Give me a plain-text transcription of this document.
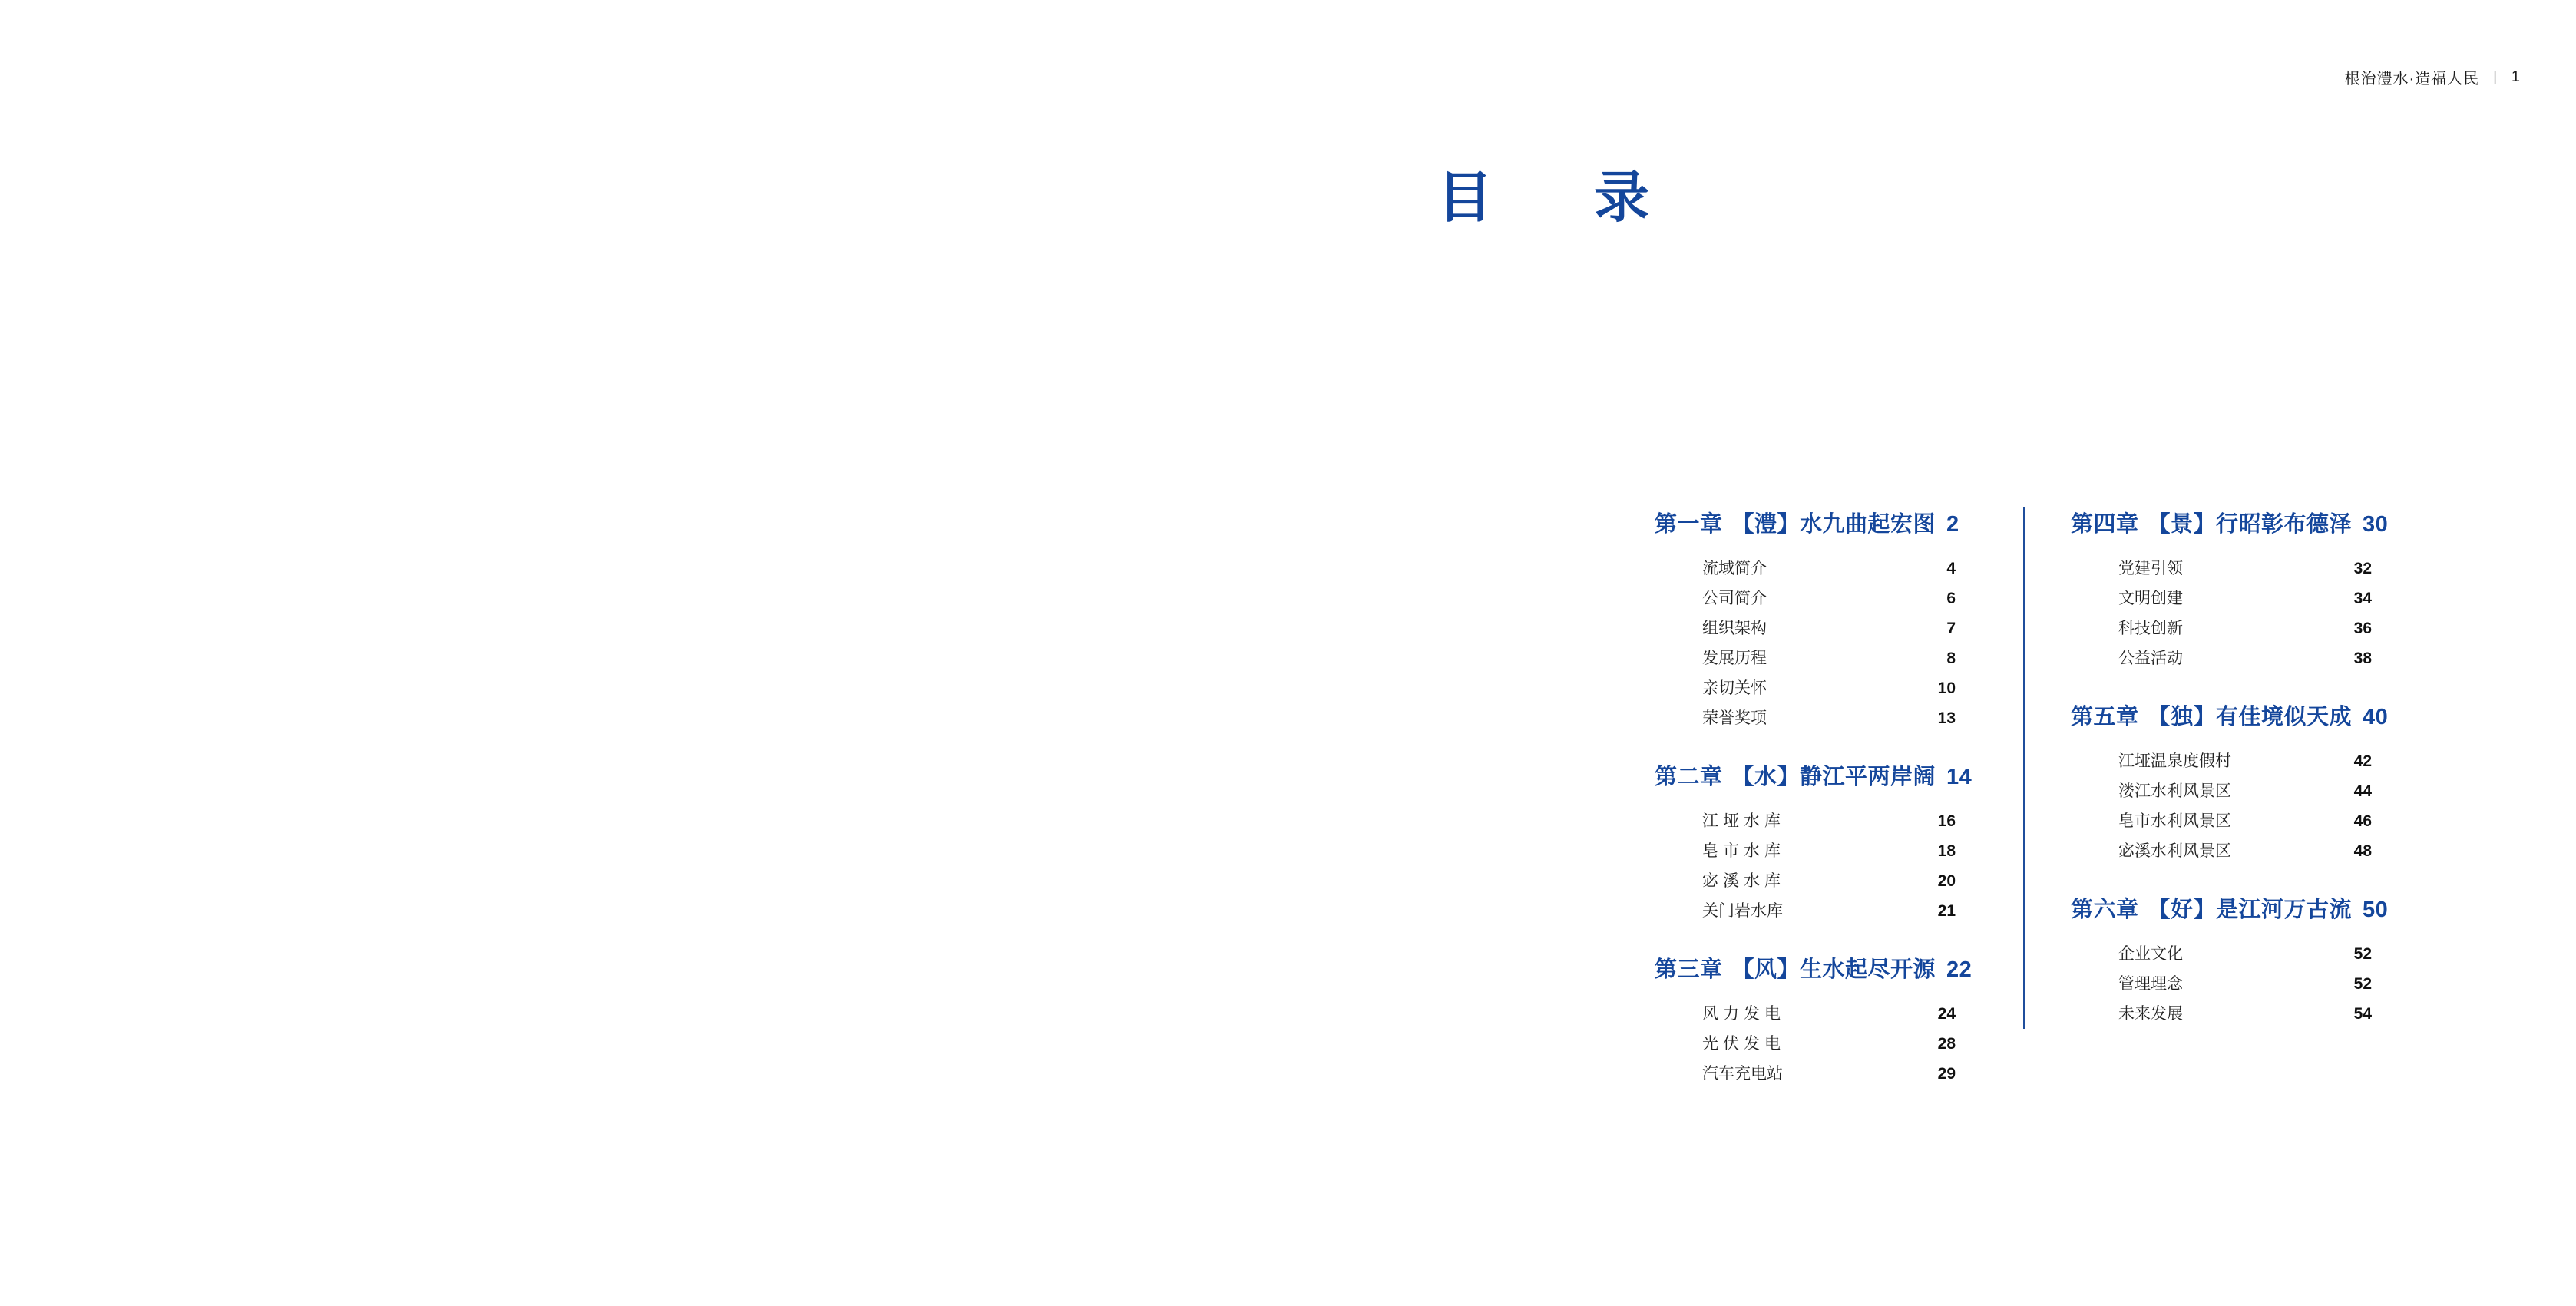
根治澧水·造福人民 | 1
目　录
第一章 【澧】水九曲起宏图 2
流域简介	4
公司简介	6
组织架构	7
发展历程	8
亲切关怀	10
荣誉奖项	13
第二章 【水】静江平两岸阔 14
江垭水库	16
皂市水库	18
宓溪水库	20
关门岩水库	21
第三章 【风】生水起尽开源 22
风力发电	24
光伏发电	28
汽车充电站	29
第四章 【景】行昭彰布德泽 30
党建引领	32
文明创建	34
科技创新	36
公益活动	38
第五章 【独】有佳境似天成 40
江垭温泉度假村	42
溇江水利风景区	44
皂市水利风景区	46
宓溪水利风景区	48
第六章 【好】是江河万古流 50
企业文化	52
管理理念	52
未来发展	54
